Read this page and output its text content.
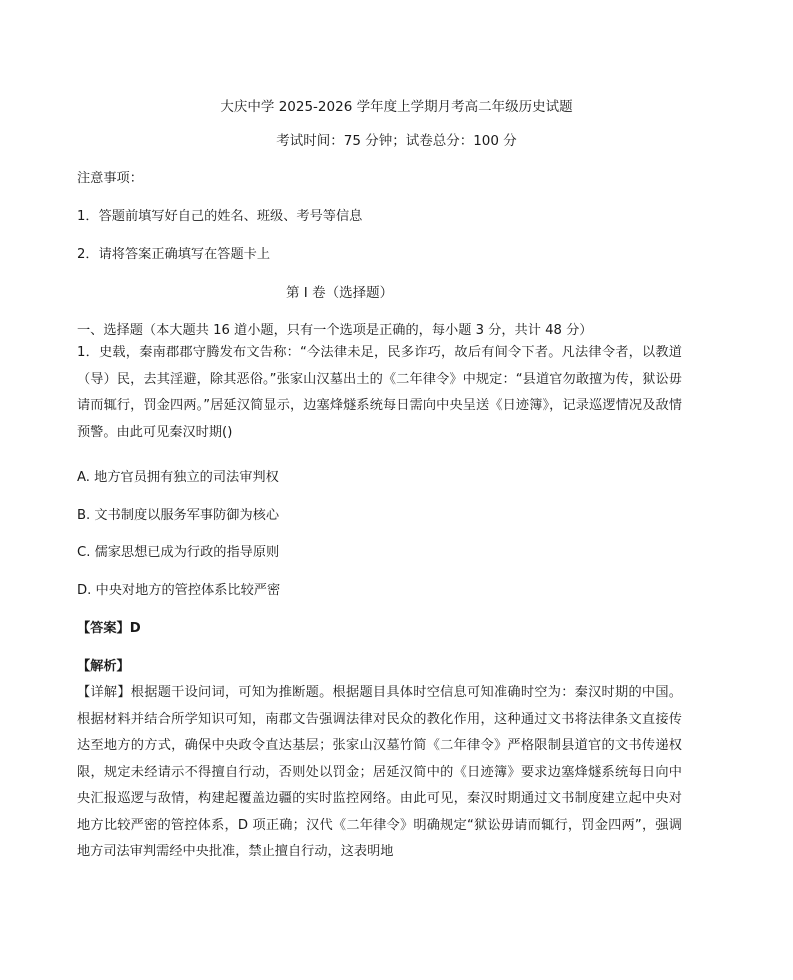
大庆中学 2025-2026 学年度上学期月考高二年级历史试题
考试时间：75 分钟；试卷总分：100 分
注意事项：
1．答题前填写好自己的姓名、班级、考号等信息
2．请将答案正确填写在答题卡上
第 I 卷（选择题）
一、选择题（本大题共 16 道小题，只有一个选项是正确的，每小题 3 分，共计 48 分）
1．史载，秦南郡郡守腾发布文告称：“今法律未足，民多诈巧，故后有间令下者。凡法律令者，以教道（导）民，去其淫避，除其恶俗。”张家山汉墓出土的《二年律令》中规定：“县道官勿敢擅为传，狱讼毋请而辄行，罚金四两。”居延汉简显示，边塞烽燧系统每日需向中央呈送《日迹簿》，记录巡逻情况及敌情预警。由此可见秦汉时期()
A. 地方官员拥有独立的司法审判权
B. 文书制度以服务军事防御为核心
C. 儒家思想已成为行政的指导原则
D. 中央对地方的管控体系比较严密
【答案】D
【解析】
【详解】根据题干设问词，可知为推断题。根据题目具体时空信息可知准确时空为：秦汉时期的中国。根据材料并结合所学知识可知，南郡文告强调法律对民众的教化作用，这种通过文书将法律条文直接传达至地方的方式，确保中央政令直达基层；张家山汉墓竹简《二年律令》严格限制县道官的文书传递权限，规定未经请示不得擅自行动，否则处以罚金；居延汉简中的《日迹簿》要求边塞烽燧系统每日向中央汇报巡逻与敌情，构建起覆盖边疆的实时监控网络。由此可见，秦汉时期通过文书制度建立起中央对地方比较严密的管控体系，D 项正确；汉代《二年律令》明确规定“狱讼毋请而辄行，罚金四两”，强调地方司法审判需经中央批准，禁止擅自行动，这表明地
